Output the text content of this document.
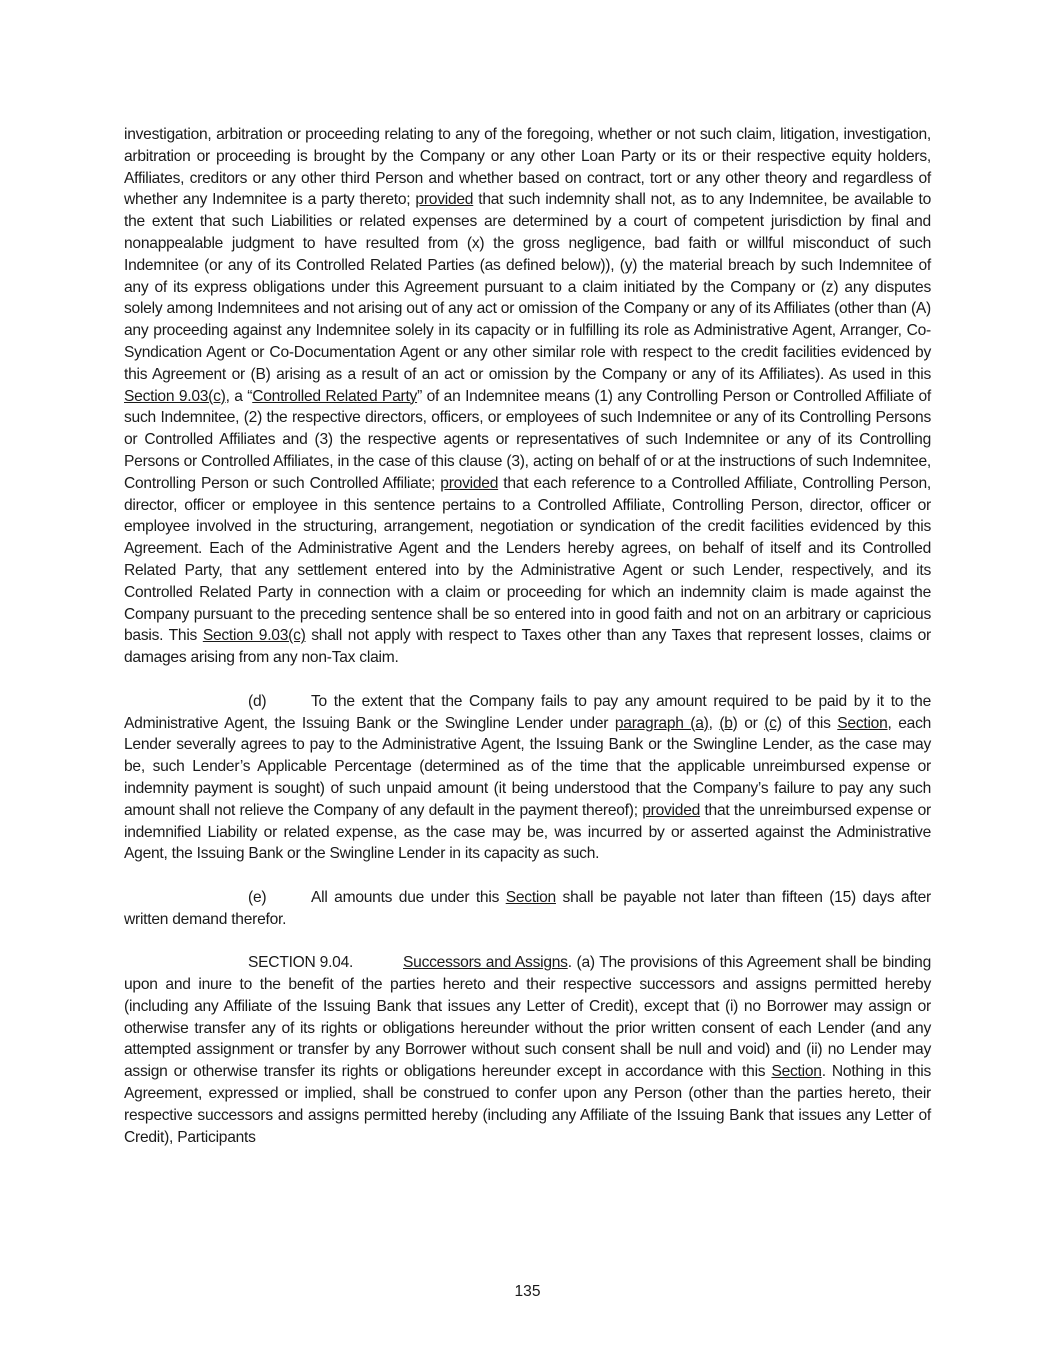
investigation, arbitration or proceeding relating to any of the foregoing, whether or not such claim, litigation, investigation, arbitration or proceeding is brought by the Company or any other Loan Party or its or their respective equity holders, Affiliates, creditors or any other third Person and whether based on contract, tort or any other theory and regardless of whether any Indemnitee is a party thereto; provided that such indemnity shall not, as to any Indemnitee, be available to the extent that such Liabilities or related expenses are determined by a court of competent jurisdiction by final and nonappealable judgment to have resulted from (x) the gross negligence, bad faith or willful misconduct of such Indemnitee (or any of its Controlled Related Parties (as defined below)), (y) the material breach by such Indemnitee of any of its express obligations under this Agreement pursuant to a claim initiated by the Company or (z) any disputes solely among Indemnitees and not arising out of any act or omission of the Company or any of its Affiliates (other than (A) any proceeding against any Indemnitee solely in its capacity or in fulfilling its role as Administrative Agent, Arranger, Co-Syndication Agent or Co-Documentation Agent or any other similar role with respect to the credit facilities evidenced by this Agreement or (B) arising as a result of an act or omission by the Company or any of its Affiliates). As used in this Section 9.03(c), a “Controlled Related Party” of an Indemnitee means (1) any Controlling Person or Controlled Affiliate of such Indemnitee, (2) the respective directors, officers, or employees of such Indemnitee or any of its Controlling Persons or Controlled Affiliates and (3) the respective agents or representatives of such Indemnitee or any of its Controlling Persons or Controlled Affiliates, in the case of this clause (3), acting on behalf of or at the instructions of such Indemnitee, Controlling Person or such Controlled Affiliate; provided that each reference to a Controlled Affiliate, Controlling Person, director, officer or employee in this sentence pertains to a Controlled Affiliate, Controlling Person, director, officer or employee involved in the structuring, arrangement, negotiation or syndication of the credit facilities evidenced by this Agreement. Each of the Administrative Agent and the Lenders hereby agrees, on behalf of itself and its Controlled Related Party, that any settlement entered into by the Administrative Agent or such Lender, respectively, and its Controlled Related Party in connection with a claim or proceeding for which an indemnity claim is made against the Company pursuant to the preceding sentence shall be so entered into in good faith and not on an arbitrary or capricious basis. This Section 9.03(c) shall not apply with respect to Taxes other than any Taxes that represent losses, claims or damages arising from any non-Tax claim.

(d)	To the extent that the Company fails to pay any amount required to be paid by it to the Administrative Agent, the Issuing Bank or the Swingline Lender under paragraph (a), (b) or (c) of this Section, each Lender severally agrees to pay to the Administrative Agent, the Issuing Bank or the Swingline Lender, as the case may be, such Lender’s Applicable Percentage (determined as of the time that the applicable unreimbursed expense or indemnity payment is sought) of such unpaid amount (it being understood that the Company’s failure to pay any such amount shall not relieve the Company of any default in the payment thereof); provided that the unreimbursed expense or indemnified Liability or related expense, as the case may be, was incurred by or asserted against the Administrative Agent, the Issuing Bank or the Swingline Lender in its capacity as such.

(e)	All amounts due under this Section shall be payable not later than fifteen (15) days after written demand therefor.

SECTION 9.04.	Successors and Assigns. (a) The provisions of this Agreement shall be binding upon and inure to the benefit of the parties hereto and their respective successors and assigns permitted hereby (including any Affiliate of the Issuing Bank that issues any Letter of Credit), except that (i) no Borrower may assign or otherwise transfer any of its rights or obligations hereunder without the prior written consent of each Lender (and any attempted assignment or transfer by any Borrower without such consent shall be null and void) and (ii) no Lender may assign or otherwise transfer its rights or obligations hereunder except in accordance with this Section. Nothing in this Agreement, expressed or implied, shall be construed to confer upon any Person (other than the parties hereto, their respective successors and assigns permitted hereby (including any Affiliate of the Issuing Bank that issues any Letter of Credit), Participants

135
